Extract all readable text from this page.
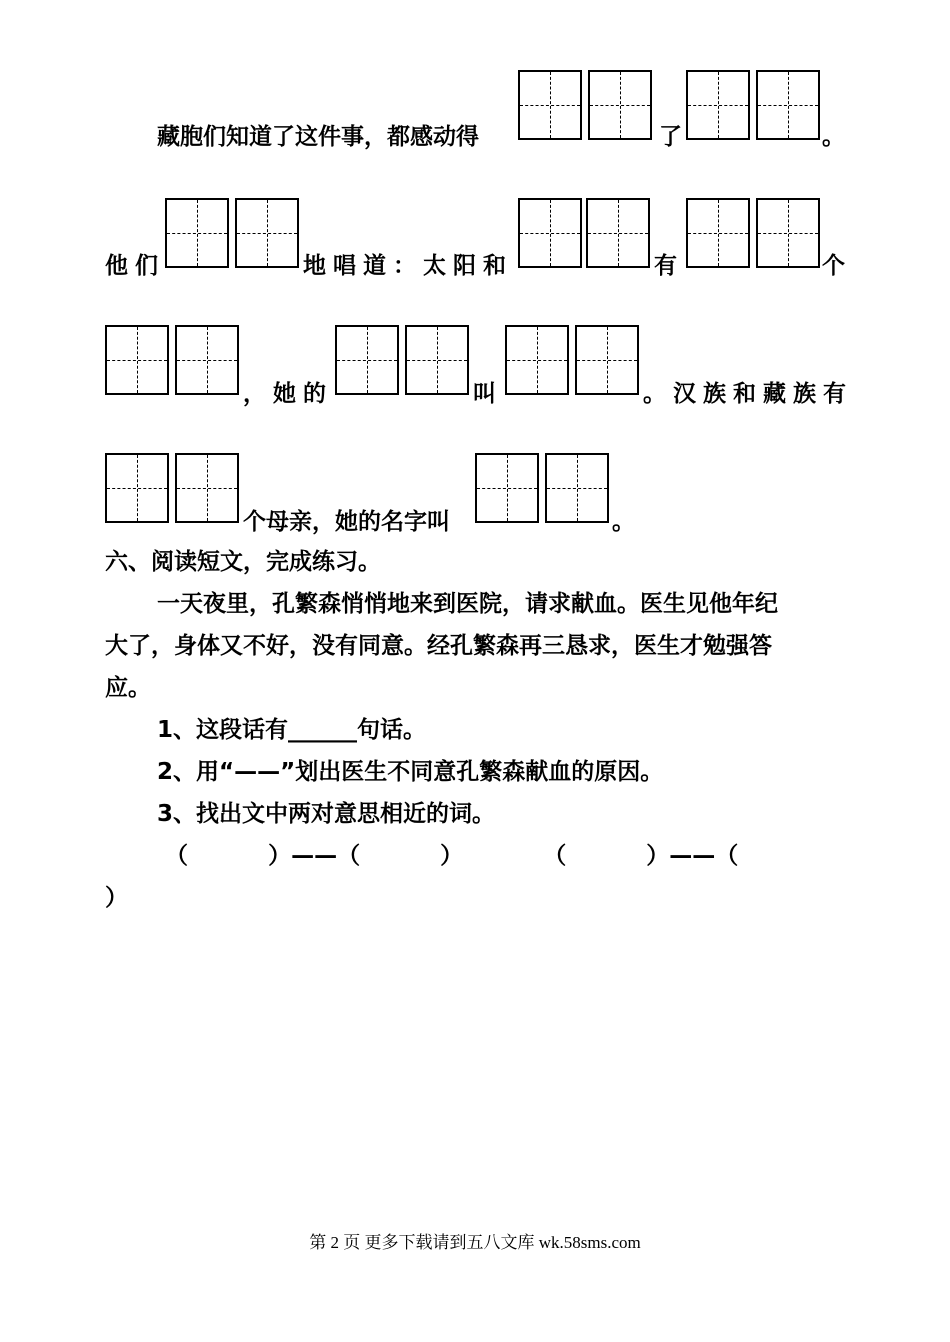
藏胞们知道了这件事，都感动得	了	。
他们	地唱道：太阳和	有	个
，她的	叫	。汉族和藏族有
个母亲，她的名字叫	。
六、阅读短文，完成练习。
一天夜里，孔繁森悄悄地来到医院，请求献血。医生见他年纪
大了，身体又不好，没有同意。经孔繁森再三恳求，医生才勉强答
应。
1、这段话有______句话。
2、用“——”划出医生不同意孔繁森献血的原因。
3、找出文中两对意思相近的词。
（          ）——（          ）          （          ）——（
）
第 2 页 更多下载请到五八文库 wk.58sms.com
